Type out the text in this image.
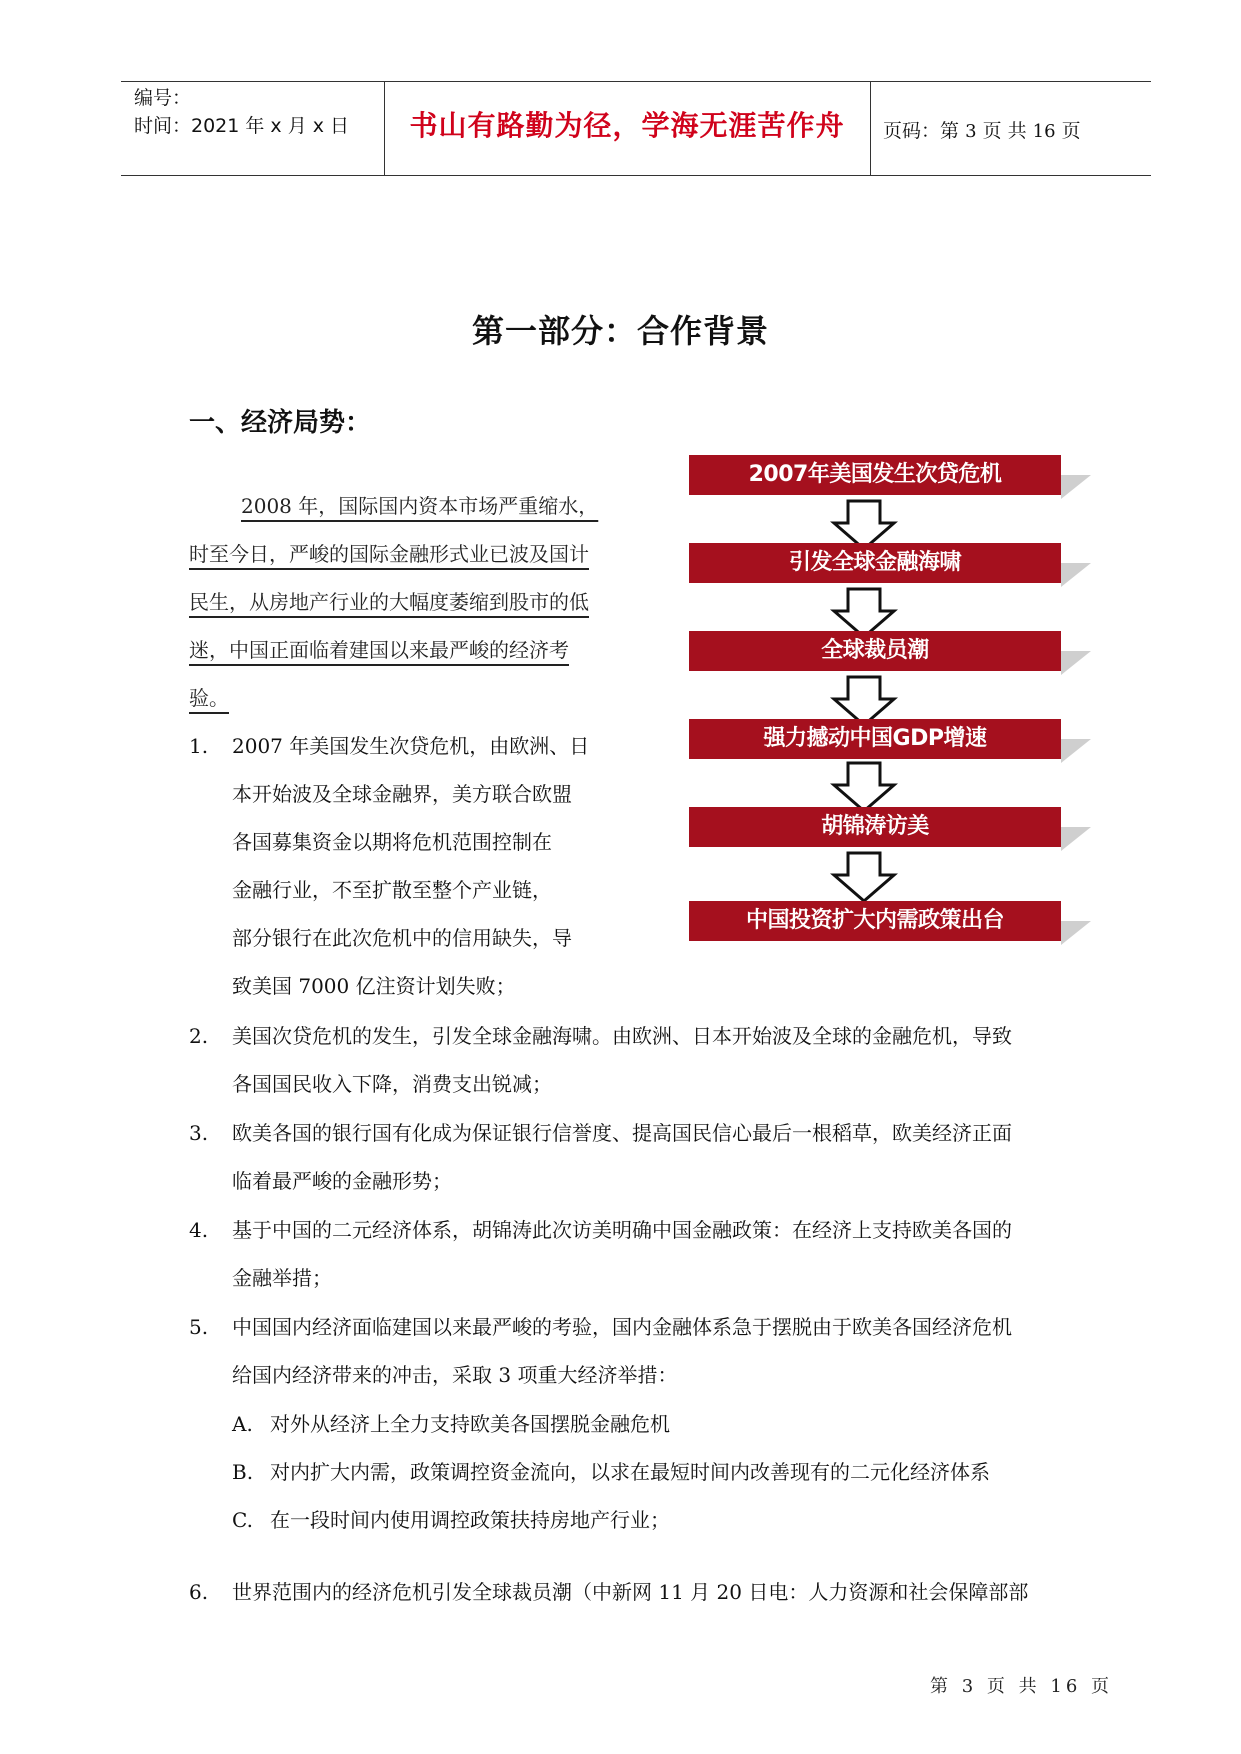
编号：
时间：2021 年 x 月 x 日	书山有路勤为径，学海无涯苦作舟	页码：第 3 页 共 16 页
第一部分：合作背景
一、经济局势：
2008 年，国际国内资本市场严重缩水，时至今日，严峻的国际金融形式业已波及国计民生，从房地产行业的大幅度萎缩到股市的低迷，中国正面临着建国以来最严峻的经济考验。
1. 2007 年美国发生次贷危机，由欧洲、日
本开始波及全球金融界，美方联合欧盟
各国募集资金以期将危机范围控制在
金融行业，不至扩散至整个产业链，
部分银行在此次危机中的信用缺失，导
致美国 7000 亿注资计划失败；
2. 美国次贷危机的发生，引发全球金融海啸。由欧洲、日本开始波及全球的金融危机，导致
各国国民收入下降，消费支出锐减；
3. 欧美各国的银行国有化成为保证银行信誉度、提高国民信心最后一根稻草，欧美经济正面
临着最严峻的金融形势；
4. 基于中国的二元经济体系，胡锦涛此次访美明确中国金融政策：在经济上支持欧美各国的
金融举措；
5. 中国国内经济面临建国以来最严峻的考验，国内金融体系急于摆脱由于欧美各国经济危机
给国内经济带来的冲击，采取 3 项重大经济举措：
A. 对外从经济上全力支持欧美各国摆脱金融危机
B. 对内扩大内需，政策调控资金流向，以求在最短时间内改善现有的二元化经济体系
C. 在一段时间内使用调控政策扶持房地产行业；
6. 世界范围内的经济危机引发全球裁员潮（中新网 11 月 20 日电：人力资源和社会保障部部
2007年美国发生次贷危机
引发全球金融海啸
全球裁员潮
强力撼动中国GDP增速
胡锦涛访美
中国投资扩大内需政策出台
第 3 页 共 16 页
